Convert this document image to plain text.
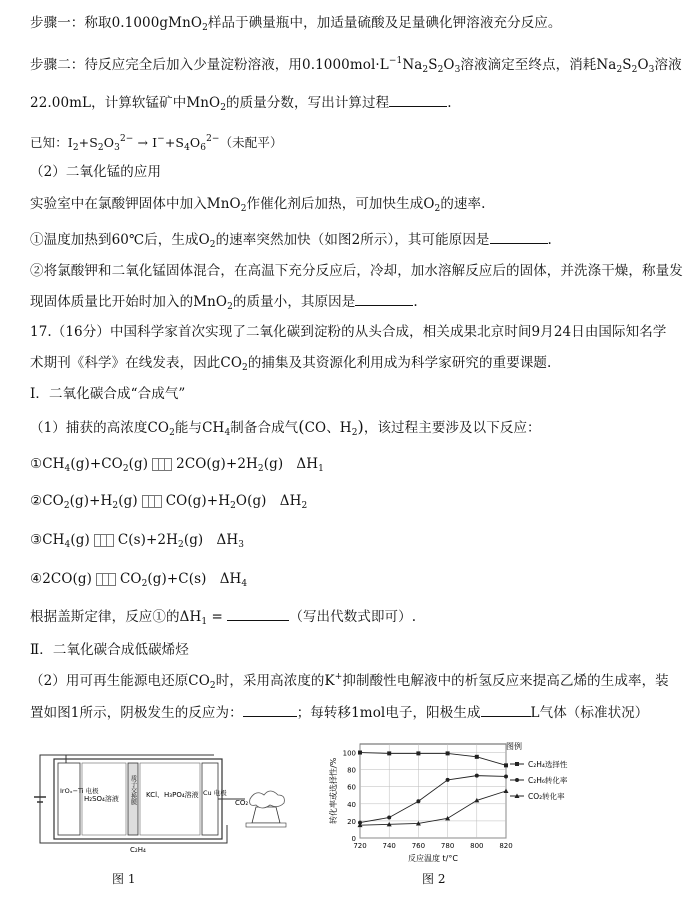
步骤一：称取0.1000gMnO$_2$样品于碘量瓶中，加适量硫酸及足量碘化钾溶液充分反应。
步骤二：待反应完全后加入少量淀粉溶液，用$0.1000mol\cdot L^{-1}Na_2S_2O_3$溶液滴定至终点，消耗$Na_2S_2O_3$溶液
22.00mL，计算软锰矿中MnO$_2$的质量分数，写出计算过程	.
已知：$I_2+S_2O_3^{2-} \to I^-+S_4O_6^{2-}$（未配平）
（2）二氧化锰的应用
实验室中在氯酸钾固体中加入MnO$_2$作催化剂后加热，可加快生成$O_2$的速率.
①温度加热到60℃后，生成$O_2$的速率突然加快（如图2所示），其可能原因是	.
②将氯酸钾和二氧化锰固体混合，在高温下充分反应后，冷却，加水溶解反应后的固体，并洗涤干燥，称量发
现固体质量比开始时加入的MnO$_2$的质量小，其原因是	.
17.（16分）中国科学家首次实现了二氧化碳到淀粉的从头合成，相关成果北京时间9月24日由国际知名学
术期刊《科学》在线发表，因此$CO_2$的捕集及其资源化利用成为科学家研究的重要课题.
Ⅰ．二氧化碳合成“合成气”
（1）捕获的高浓度$CO_2$能与$CH_4$制备合成气(CO、$H_2$)，该过程主要涉及以下反应：
$①CH_4(g)+CO_2(g)$ $2CO(g)+2H_2(g)$   $\Delta H_1$
$②CO_2(g)+H_2(g)$ $CO(g)+H_2O(g)$   $\Delta H_2$
$③CH_4(g)$ $C(s)+2H_2(g)$   $\Delta H_3$
④2CO(g) $CO_2(g)+C(s)$   $\Delta H_4$
根据盖斯定律，反应①的$\Delta H_1$ =	（写出代数式即可）.
Ⅱ．二氧化碳合成低碳烯烃
（2）用可再生能源电还原$CO_2$时，采用高浓度的K+抑制酸性电解液中的析氢反应来提高乙烯的生成率，装
置如图1所示，阴极发生的反应为：	；每转移1mol电子，阳极生成	L气体（标准状况）
IrOₓ−Ti 电极
H₂SO₄溶液 质子交换膜 KCl、H₃PO₄溶液 Cu 电极
C₂H₄
CO₂
图 1
0
20
40
60
80
100
720 740 760 780 800 820
转化率或选择性/%
反应温度 t/°C
图例
C₂H₄选择性
C₂H₆转化率
CO₂转化率
图 2
